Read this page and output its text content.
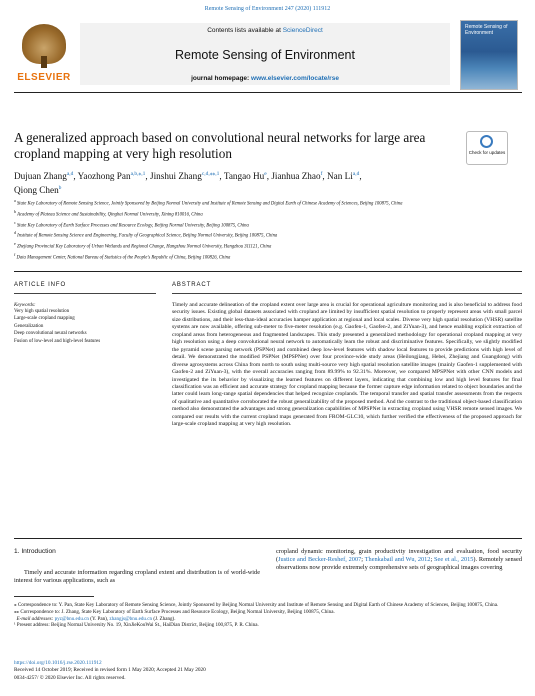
Remote Sensing of Environment 247 (2020) 111912
ELSEVIER
Contents lists available at ScienceDirect
Remote Sensing of Environment
journal homepage: www.elsevier.com/locate/rse
Remote Sensing of Environment
A generalized approach based on convolutional neural networks for large area cropland mapping at very high resolution	Check for updates
Dujuan Zhang$^{a,d}$, Yaozhong Pan$^{a,b,⁎,1}$, Jinshui Zhang$^{c,d,⁎⁎,1}$, Tangao Hu$^e$, Jianhua Zhao$^f$, Nan Li$^{a,d}$,
Qiong Chen$^b$
$^a$ State Key Laboratory of Remote Sensing Science, Jointly Sponsored by Beijing Normal University and Institute of Remote Sensing and Digital Earth of Chinese Academy of Sciences, Beijing 100875, China
$^b$ Academy of Plateau Science and Sustainability, Qinghai Normal University, Xining 810016, China
$^c$ State Key Laboratory of Earth Surface Processes and Resource Ecology, Beijing Normal University, Beijing 100875, China
$^d$ Institute of Remote Sensing Science and Engineering, Faculty of Geographical Science, Beijing Normal University, Beijing 100875, China
$^e$ Zhejiang Provincial Key Laboratory of Urban Wetlands and Regional Change, Hangzhou Normal University, Hangzhou 311121, China
$^f$ Data Management Center, National Bureau of Statistics of the People's Republic of China, Beijing 100826, China
ARTICLE INFO
Keywords:
Very high spatial resolution
Large-scale cropland mapping
Generalization
Deep convolutional neural networks
Fusion of low-level and high-level features
ABSTRACT
Timely and accurate delineation of the cropland extent over large area is crucial for operational agriculture monitoring and is also beneficial to address food security issues. Existing global datasets associated with cropland are limited by insufficient spatial resolution to properly represent areas with small parcel size distributions, and their less-than-ideal accuracies hamper application at regional and local scales. Diverse very high spatial resolution (VHSR) satellite systems are now available, offering sub-meter to five-meter resolution (e.g. Gaofen-1, Gaofen-2, and ZiYuan-3), and hence enabling explicit extraction of cropland areas from heterogeneous and fragmented landscapes. This study presented a generalized methodology for operational cropland mapping at very high resolution using a deep convolutional neural network to automatically learn the robust and discriminative features. Specifically, we slightly modified the pyramid scene parsing network (PSPNet) and combined deep low-level features with shadow local features to provide predictions with high level of detail. We demonstrated the modified PSPNet (MPSPNet) over four province-wide study areas (Heilongjiang, Hebei, Zhejiang and Guangdong) with diverse agrosystems across China from north to south using multi-source very high spatial resolution satellite images (mainly Gaofen-1 supplemented with Gaofen-2 and ZiYuan-3), with the overall accuracies ranging from 89.99% to 92.31%. Moreover, we compared MPSPNet with other CNN models and investigated the its behavior by visualizing the learned features on different layers, indicating that combining low and high level features for final classification was an efficient and accurate strategy for cropland mapping because the former capture edge information related to object boundaries and the latter could learn long-range spatial dependencies that helped recognize croplands. The temporal transfer and spatial transfer assessments from the respects of qualitative and quantitative corroborated the robust generalizability of the proposed method. And the contrast to the traditional object-based classification method also demonstrated the advantages and strong generalization capabilities of MPSPNet in extracting cropland using VHSR remote sensed images. We compared our results with the current cropland maps generated from FROM-GLC10, which further verified the effectiveness of the proposed approach for large-scale cropland mapping at very high resolution.
1. Introduction
Timely and accurate information regarding cropland extent and distribution is of world-wide interest for various applications, such as
cropland dynamic monitoring, grain productivity investigation and evaluation, food security (Justice and Becker-Reshef, 2007; Thenkabail and Wu, 2012; See et al., 2015). Remotely sensed observations now provide extremely comprehensive sets of geographical images covering

⁎ Correspondence to: Y. Pan, State Key Laboratory of Remote Sensing Science, Jointly Sponsored by Beijing Normal University and Institute of Remote Sensing and Digital Earth of Chinese Academy of Sciences, Beijing 100875, China.

⁎⁎ Correspondence to: J. Zhang, State Key Laboratory of Earth Surface Processes and Resource Ecology, Beijing Normal University, Beijing 100875, China.

E-mail addresses: pyz@bnu.edu.cn (Y. Pan), zhangjs@bnu.edu.cn (J. Zhang).

¹ Present address: Beijing Normal University No. 19, XinJieKouWai St., HaiDian District, Beijing 100,875, P. R. China.

https://doi.org/10.1016/j.rse.2020.111912

Received 14 October 2019; Received in revised form 1 May 2020; Accepted 21 May 2020

0034-4257/ © 2020 Elsevier Inc. All rights reserved.
